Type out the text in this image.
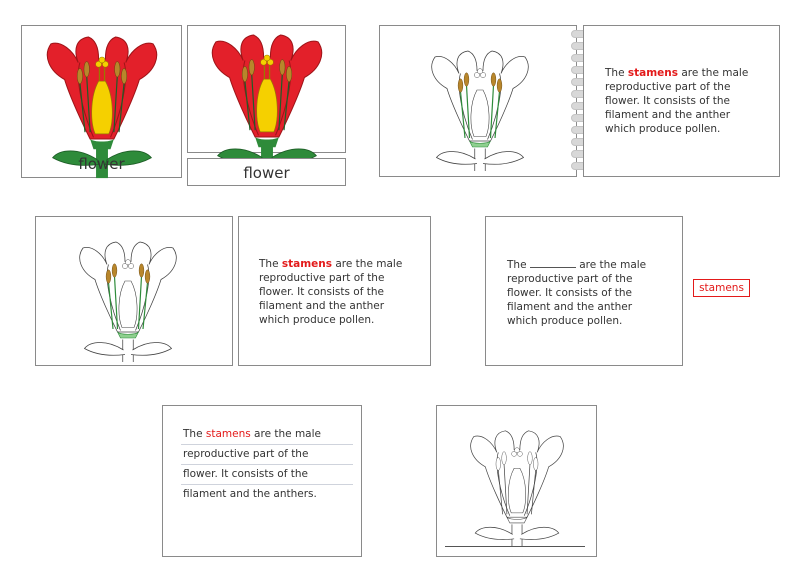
flower	flower

The stamens are the male

reproductive part of the

flower. It consists of the

filament and the anther

which produce pollen.

The stamens are the male

reproductive part of the

flower. It consists of the

filament and the anther

which produce pollen.

The	are the male

reproductive part of the

flower. It consists of the

filament and the anther

which produce pollen.

stamens
The stamens are the male
reproductive part of the
flower. It consists of the
filament and the anthers.
